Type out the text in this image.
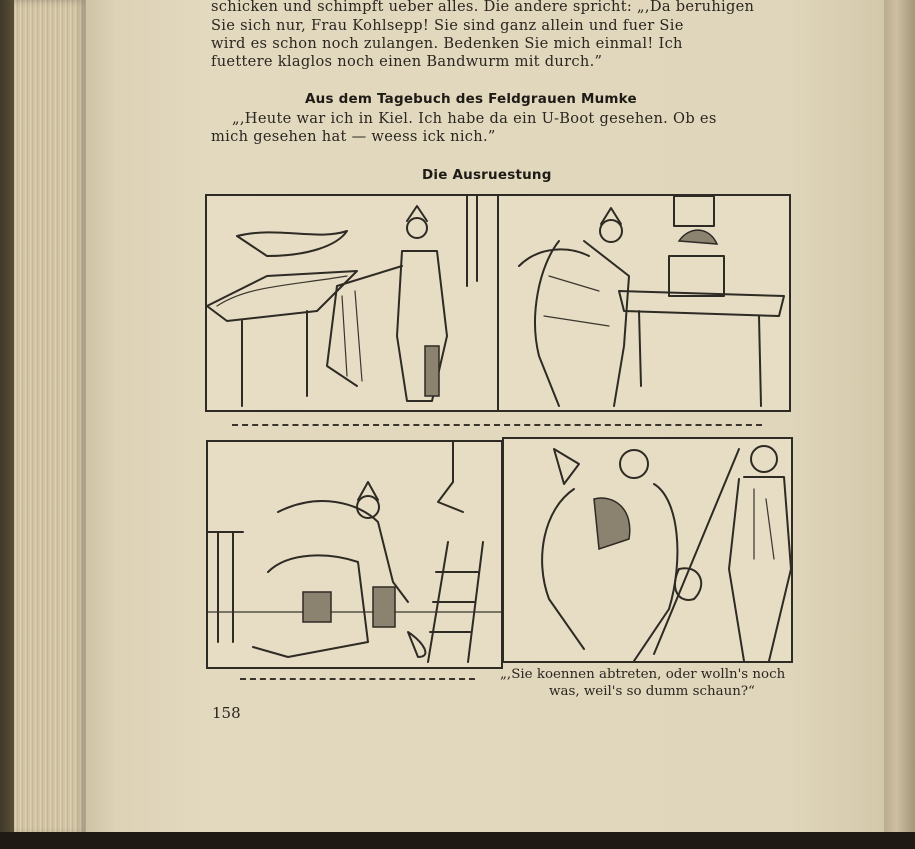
schicken und schimpft ueber alles. Die andere spricht: „,Da beruhigen
Sie sich nur, Frau Kohlsepp! Sie sind ganz allein und fuer Sie
wird es schon noch zulangen. Bedenken Sie mich einmal! Ich
fuettere klaglos noch einen Bandwurm mit durch.”
Aus dem Tagebuch des Feldgrauen Mumke
„,Heute war ich in Kiel. Ich habe da ein U-Boot gesehen. Ob es
mich gesehen hat — weess ick nich.”
Die Ausruestung
„,Sie koennen abtreten, oder wolln's noch
was, weil's so dumm schaun?“
158
